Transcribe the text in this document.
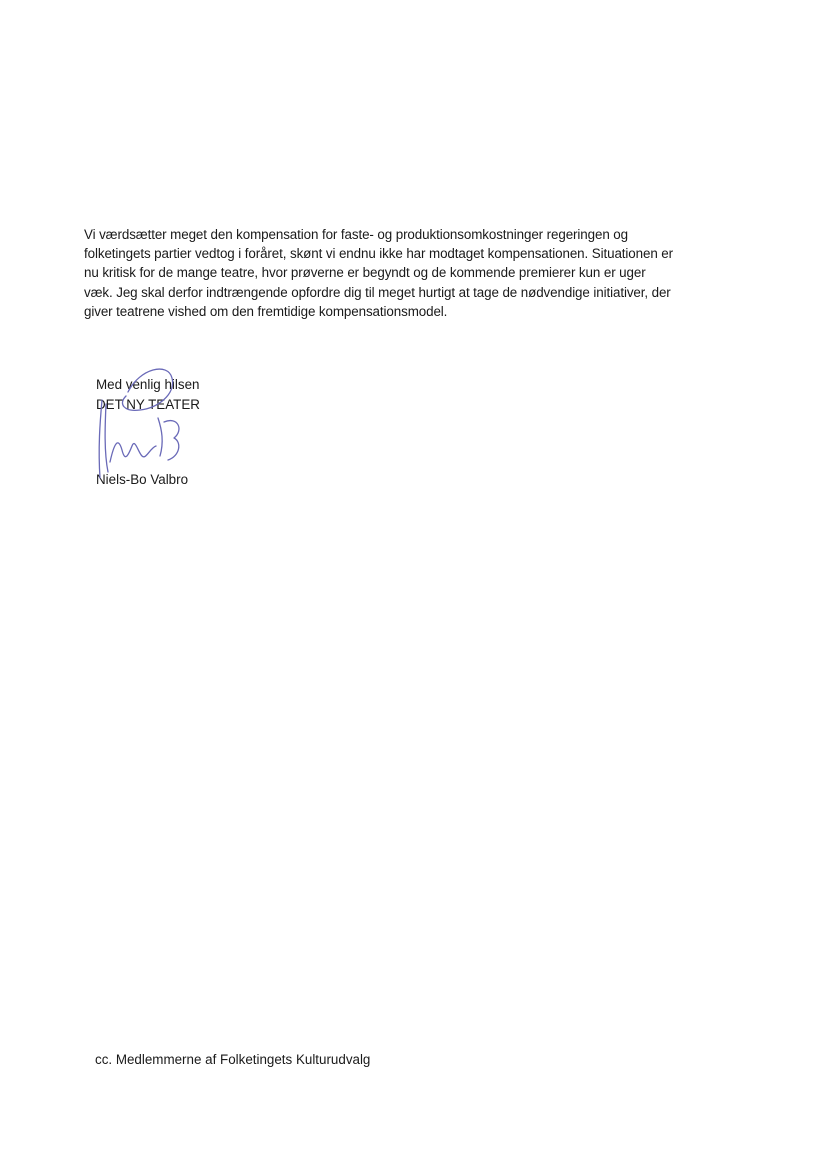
Vi værdsætter meget den kompensation for faste- og produktionsomkostninger regeringen og
folketingets partier vedtog i foråret, skønt vi endnu ikke har modtaget kompensationen. Situationen er
nu kritisk for de mange teatre, hvor prøverne er begyndt og de kommende premierer kun er uger
væk. Jeg skal derfor indtrængende opfordre dig til meget hurtigt at tage de nødvendige initiativer, der
giver teatrene vished om den fremtidige kompensationsmodel.
Med venlig hilsen
DET NY TEATER
Niels-Bo Valbro
cc. Medlemmerne af Folketingets Kulturudvalg
